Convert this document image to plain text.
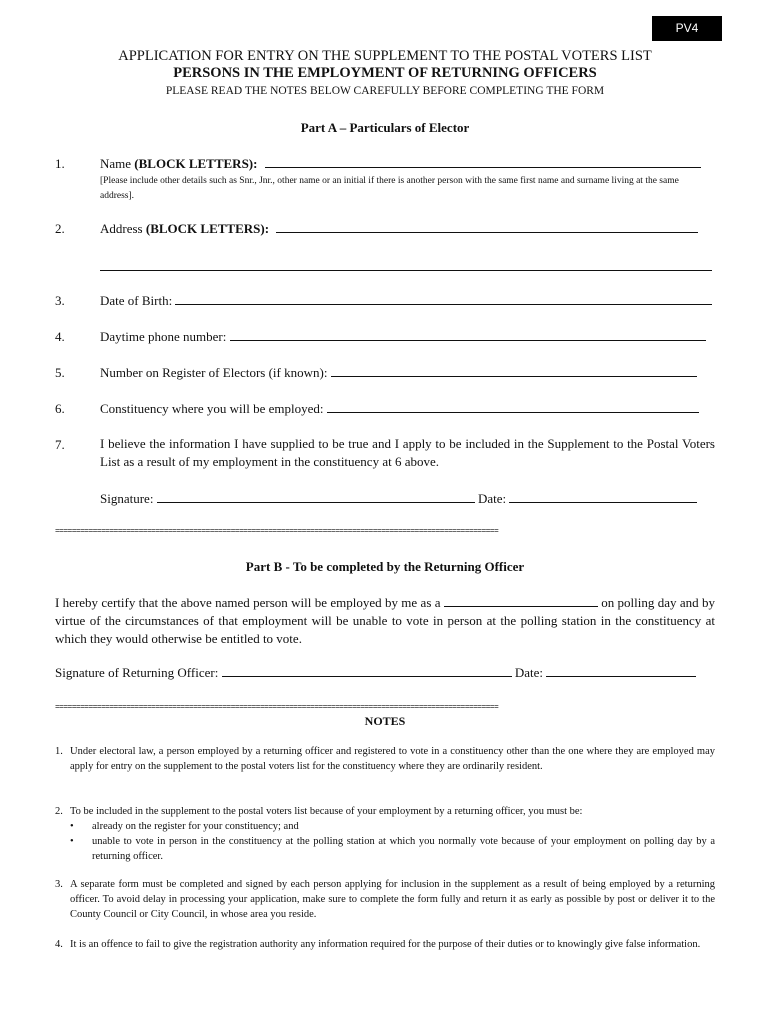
PV4
APPLICATION FOR ENTRY ON THE SUPPLEMENT TO THE POSTAL VOTERS LIST
PERSONS IN THE EMPLOYMENT OF RETURNING OFFICERS
PLEASE READ THE NOTES BELOW CAREFULLY BEFORE COMPLETING THE FORM
Part A – Particulars of Elector
1.	Name (BLOCK LETTERS):
[Please include other details such as Snr., Jnr., other name or an initial if there is another person with the same first name and surname living at the same address].
2.	Address (BLOCK LETTERS):
3.	Date of Birth:
4.	Daytime phone number:
5.	Number on Register of Electors (if known):
6.	Constituency where you will be employed:
7.	I believe the information I have supplied to be true and I apply to be included in the Supplement to the Postal Voters List as a result of my employment in the constituency at 6 above.
Signature:	Date:
==========================================================================================================
Part B - To be completed by the Returning Officer
I hereby certify that the above named person will be employed by me as a	on polling day and by virtue of the circumstances of that employment will be unable to vote in person at the polling station in the constituency at which they would otherwise be entitled to vote.
Signature of Returning Officer:	Date:
==========================================================================================================
NOTES
1. Under electoral law, a person employed by a returning officer and registered to vote in a constituency other than the one where they are employed may apply for entry on the supplement to the postal voters list for the constituency where they are ordinarily resident.
2. To be included in the supplement to the postal voters list because of your employment by a returning officer, you must be:
• already on the register for your constituency; and
• unable to vote in person in the constituency at the polling station at which you normally vote because of your employment on polling day by a returning officer.
3. A separate form must be completed and signed by each person applying for inclusion in the supplement as a result of being employed by a returning officer. To avoid delay in processing your application, make sure to complete the form fully and return it as early as possible by post or deliver it to the County Council or City Council, in whose area you reside.
4. It is an offence to fail to give the registration authority any information required for the purpose of their duties or to knowingly give false information.
